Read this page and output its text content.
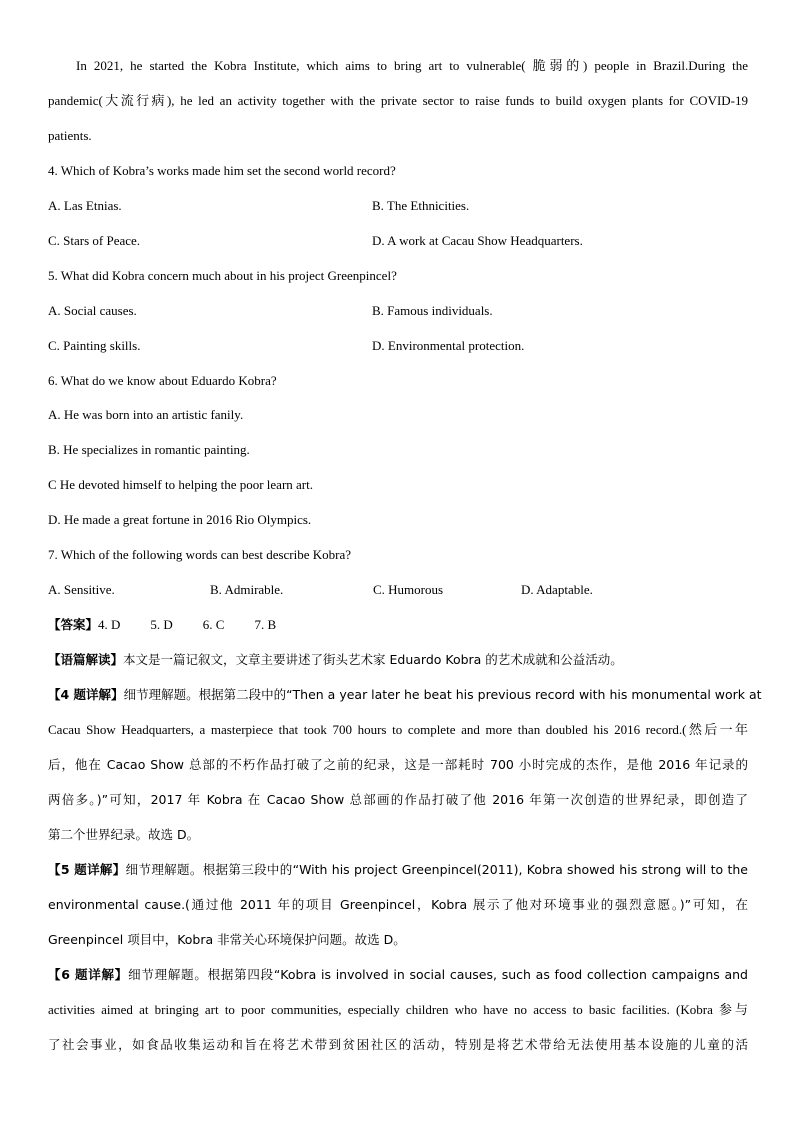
In 2021, he started the Kobra Institute, which aims to bring art to vulnerable( 脆弱的) people in Brazil.During the
pandemic(大流行病), he led an activity together with the private sector to raise funds to build oxygen plants for COVID-19
patients.
4. Which of Kobra’s works made him set the second world record?
A. Las Etnias.	B. The Ethnicities.
C. Stars of Peace.	D. A work at Cacau Show Headquarters.
5. What did Kobra concern much about in his project Greenpincel?
A. Social causes.	B. Famous individuals.
C. Painting skills.	D. Environmental protection.
6. What do we know about Eduardo Kobra?
A. He was born into an artistic fanily.
B. He specializes in romantic painting.
C He devoted himself to helping the poor learn art.
D. He made a great fortune in 2016 Rio Olympics.
7. Which of the following words can best describe Kobra?
A. Sensitive.	B. Admirable.	C. Humorous	D. Adaptable.
【答案】4. D 5. D 6. C 7. B
【语篇解读】本文是一篇记叙文，文章主要讲述了街头艺术家 Eduardo Kobra 的艺术成就和公益活动。
【4 题详解】细节理解题。根据第二段中的“Then a year later he beat his previous record with his monumental work at
Cacau Show Headquarters, a masterpiece that took 700 hours to complete and more than doubled his 2016 record.(然后一年
后，他在 Cacao Show 总部的不朽作品打破了之前的纪录，这是一部耗时 700 小时完成的杰作，是他 2016 年记录的
两倍多。)”可知，2017 年 Kobra 在 Cacao Show 总部画的作品打破了他 2016 年第一次创造的世界纪录，即创造了
第二个世界纪录。故选 D。
【5 题详解】细节理解题。根据第三段中的“With his project Greenpincel(2011), Kobra showed his strong will to the
environmental cause.(通过他 2011 年的项目 Greenpincel，Kobra 展示了他对环境事业的强烈意愿。)”可知，在
Greenpincel 项目中，Kobra 非常关心环境保护问题。故选 D。
【6 题详解】细节理解题。根据第四段“Kobra is involved in social causes, such as food collection campaigns and
activities aimed at bringing art to poor communities, especially children who have no access to basic facilities. (Kobra 参与
了社会事业，如食品收集运动和旨在将艺术带到贫困社区的活动，特别是将艺术带给无法使用基本设施的儿童的活
